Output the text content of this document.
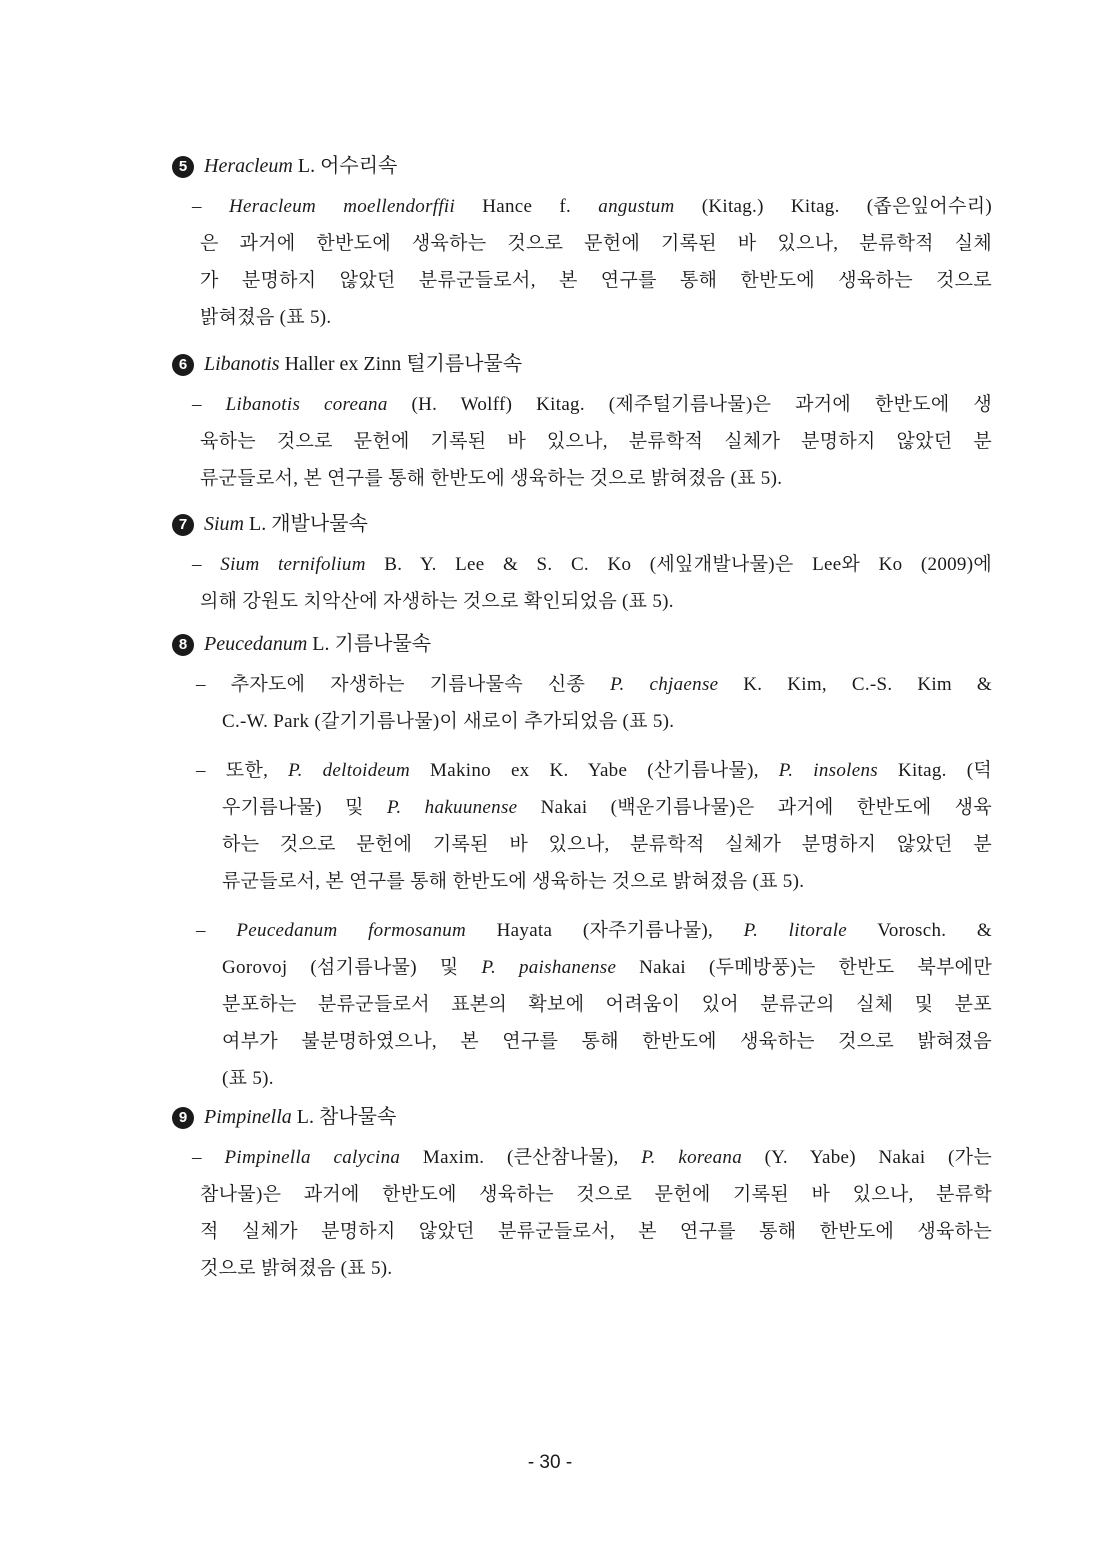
5 Heracleum L. 어수리속
– Heracleum moellendorffii Hance f. angustum (Kitag.) Kitag. (좁은잎어수리)
은 과거에 한반도에 생육하는 것으로 문헌에 기록된 바 있으나, 분류학적 실체
가 분명하지 않았던 분류군들로서, 본 연구를 통해 한반도에 생육하는 것으로
밝혀졌음 (표 5).
6 Libanotis Haller ex Zinn 털기름나물속
– Libanotis coreana (H. Wolff) Kitag. (제주털기름나물)은 과거에 한반도에 생
육하는 것으로 문헌에 기록된 바 있으나, 분류학적 실체가 분명하지 않았던 분
류군들로서, 본 연구를 통해 한반도에 생육하는 것으로 밝혀졌음 (표 5).
7 Sium L. 개발나물속
– Sium ternifolium B. Y. Lee & S. C. Ko (세잎개발나물)은 Lee와 Ko (2009)에
의해 강원도 치악산에 자생하는 것으로 확인되었음 (표 5).
8 Peucedanum L. 기름나물속
– 추자도에 자생하는 기름나물속 신종 P. chjaense K. Kim, C.-S. Kim &
C.-W. Park (갈기기름나물)이 새로이 추가되었음 (표 5).
– 또한, P. deltoideum Makino ex K. Yabe (산기름나물), P. insolens Kitag. (덕
우기름나물) 및 P. hakuunense Nakai (백운기름나물)은 과거에 한반도에 생육
하는 것으로 문헌에 기록된 바 있으나, 분류학적 실체가 분명하지 않았던 분
류군들로서, 본 연구를 통해 한반도에 생육하는 것으로 밝혀졌음 (표 5).
– Peucedanum formosanum Hayata (자주기름나물), P. litorale Vorosch. &
Gorovoj (섬기름나물) 및 P. paishanense Nakai (두메방풍)는 한반도 북부에만
분포하는 분류군들로서 표본의 확보에 어려움이 있어 분류군의 실체 및 분포
여부가 불분명하였으나, 본 연구를 통해 한반도에 생육하는 것으로 밝혀졌음
(표 5).
9 Pimpinella L. 참나물속
– Pimpinella calycina Maxim. (큰산참나물), P. koreana (Y. Yabe) Nakai (가는
참나물)은 과거에 한반도에 생육하는 것으로 문헌에 기록된 바 있으나, 분류학
적 실체가 분명하지 않았던 분류군들로서, 본 연구를 통해 한반도에 생육하는
것으로 밝혀졌음 (표 5).
- 30 -
